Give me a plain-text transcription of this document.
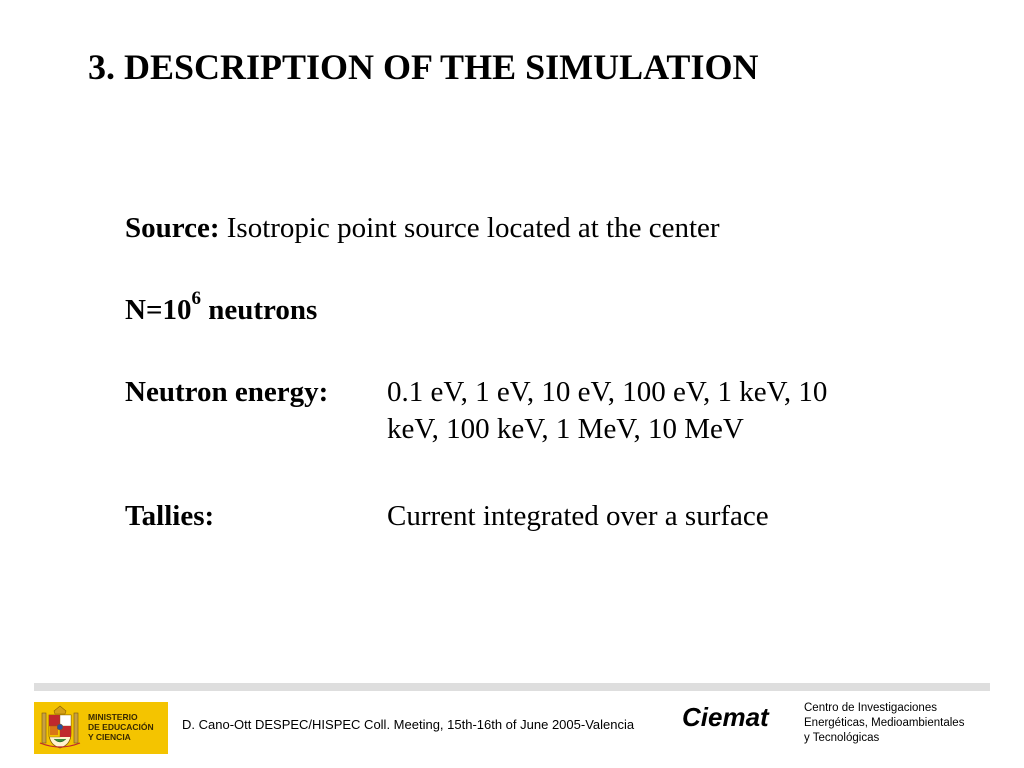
3. DESCRIPTION OF THE SIMULATION
Source: Isotropic point source located at the center
$N=10^6$ neutrons
Neutron energy: 0.1 eV, 1 eV, 10 eV, 100 eV, 1 keV, 10
keV, 100 keV, 1 MeV, 10 MeV
Tallies:	Current integrated over a surface
MINISTERIO
DE EDUCACIÓN
Y CIENCIA
D. Cano-Ott DESPEC/HISPEC Coll. Meeting, 15th-16th of June 2005-Valencia Ciemat	Centro de Investigaciones
Energéticas, Medioambientales
y Tecnológicas
